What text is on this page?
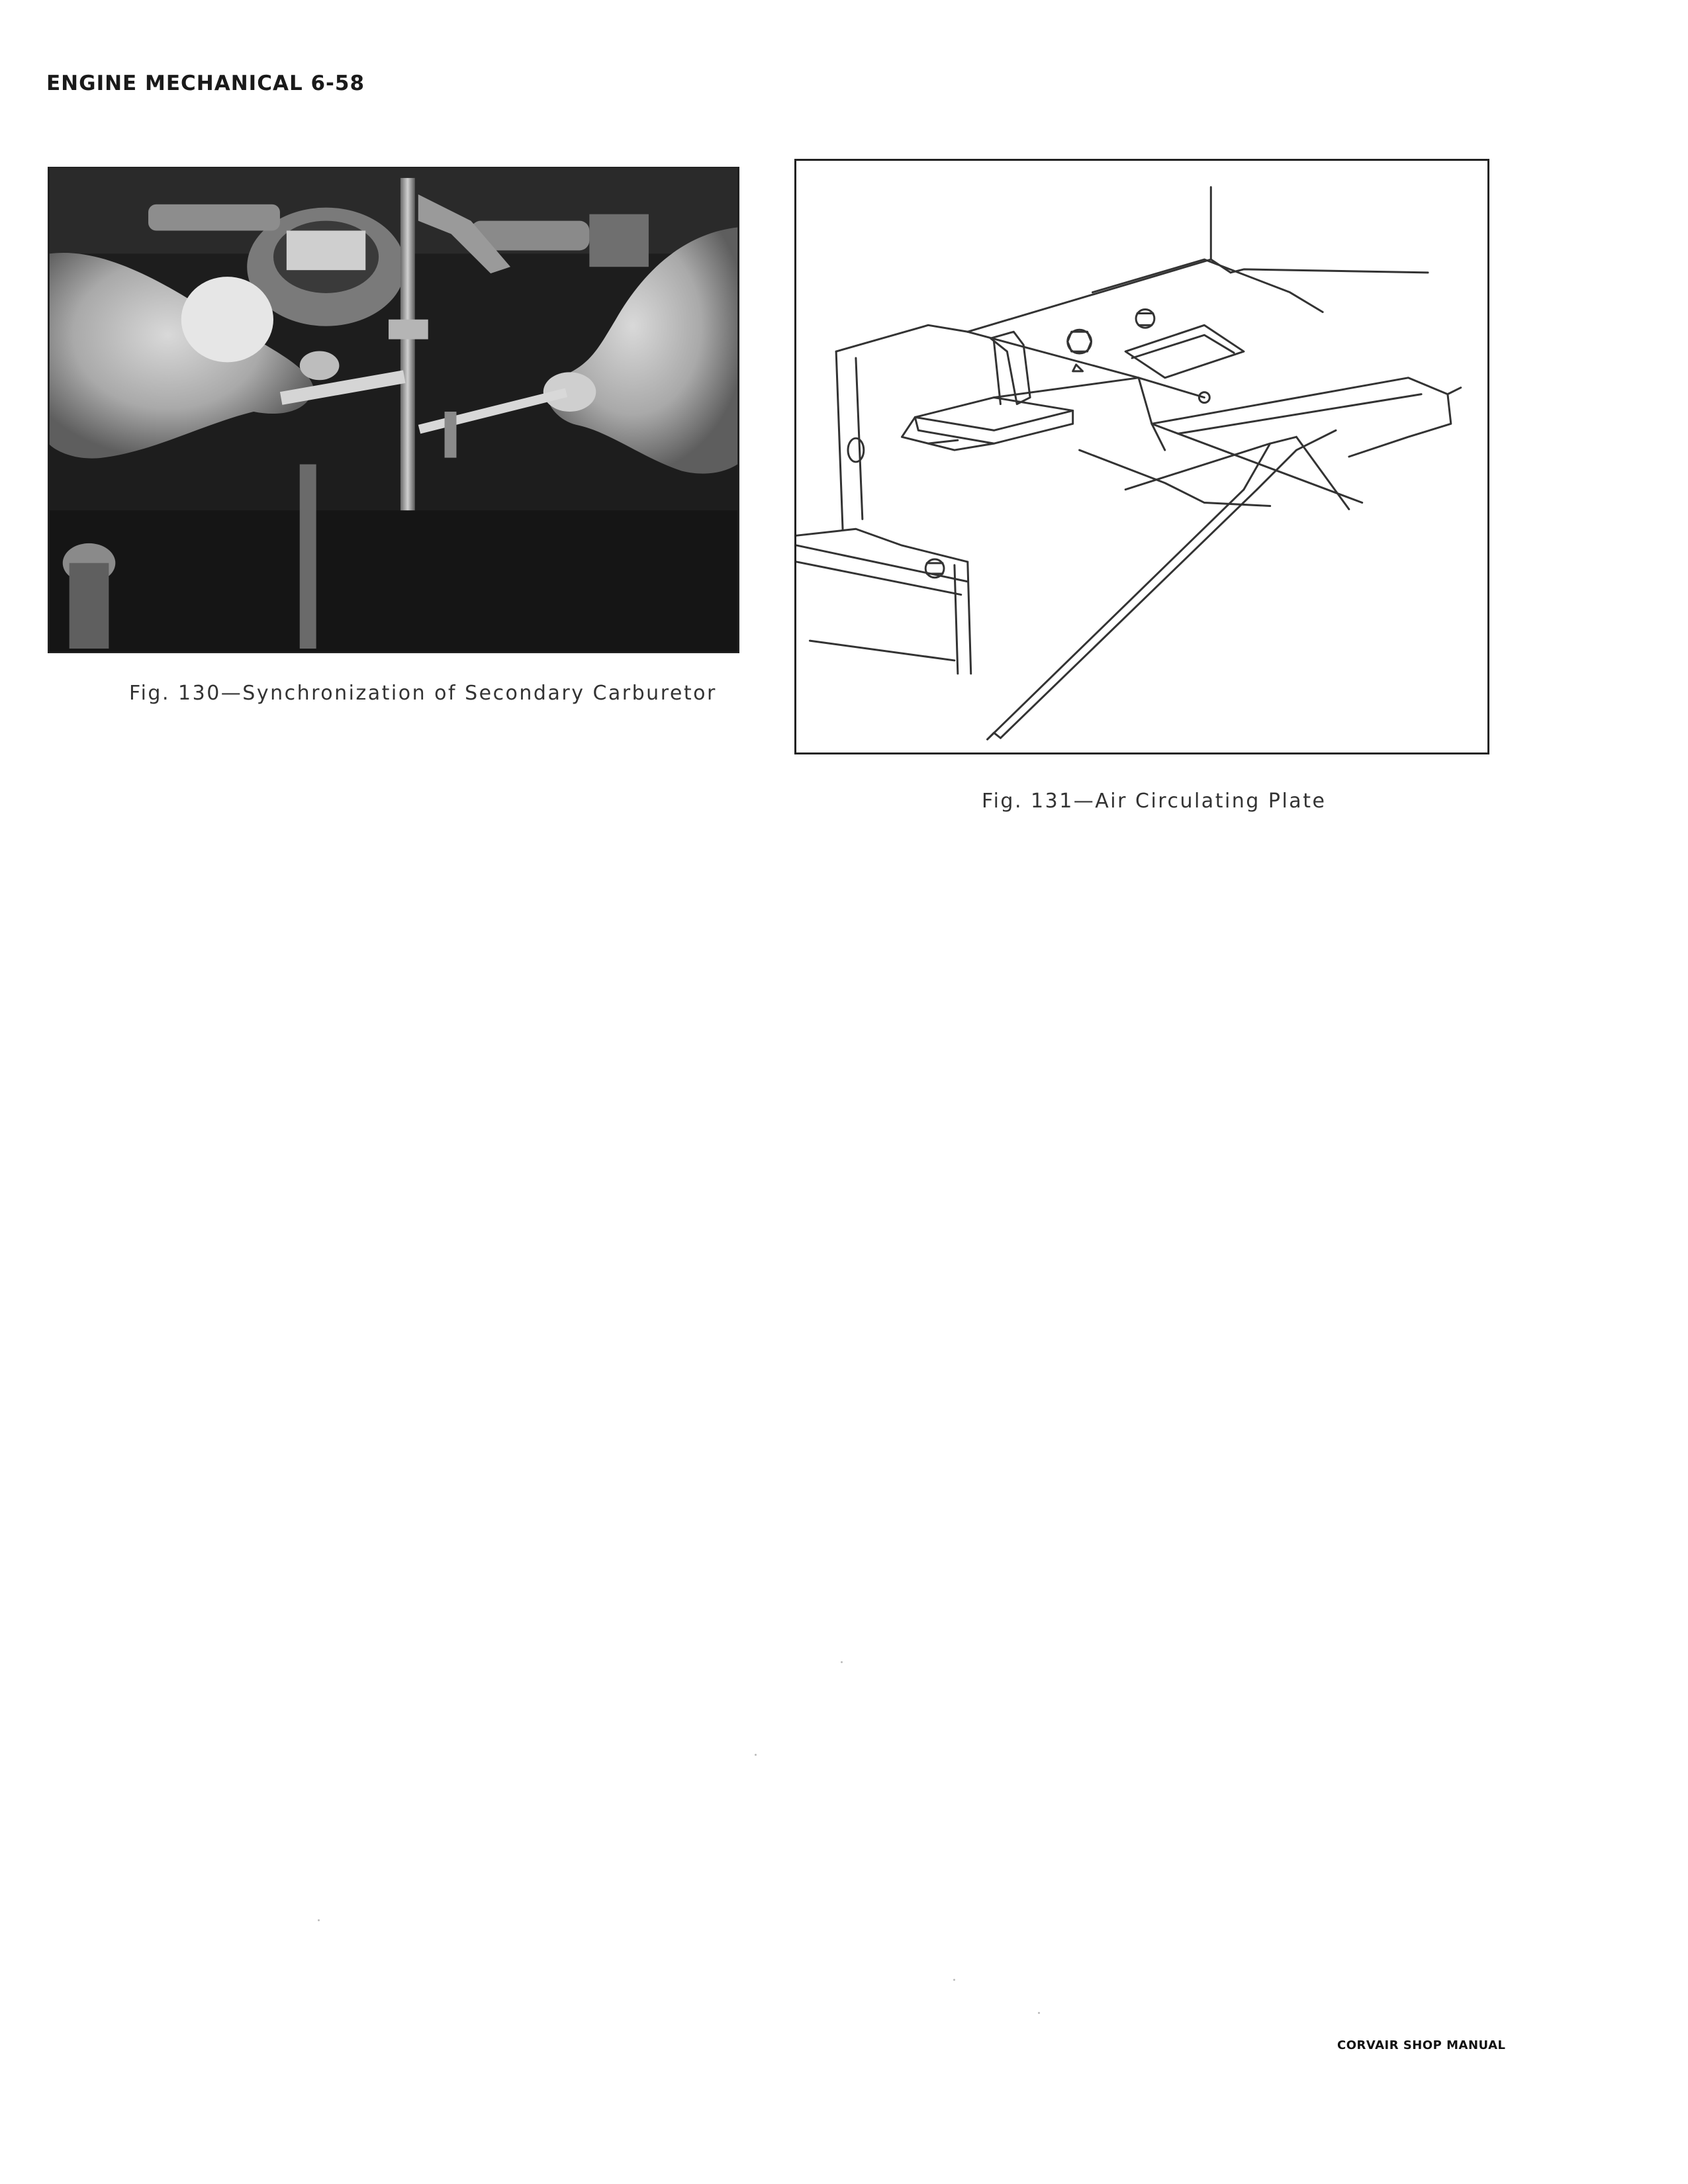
ENGINE MECHANICAL 6-58
Fig. 130—Synchronization of Secondary Carburetor
Fig. 131—Air Circulating Plate
CORVAIR SHOP MANUAL
